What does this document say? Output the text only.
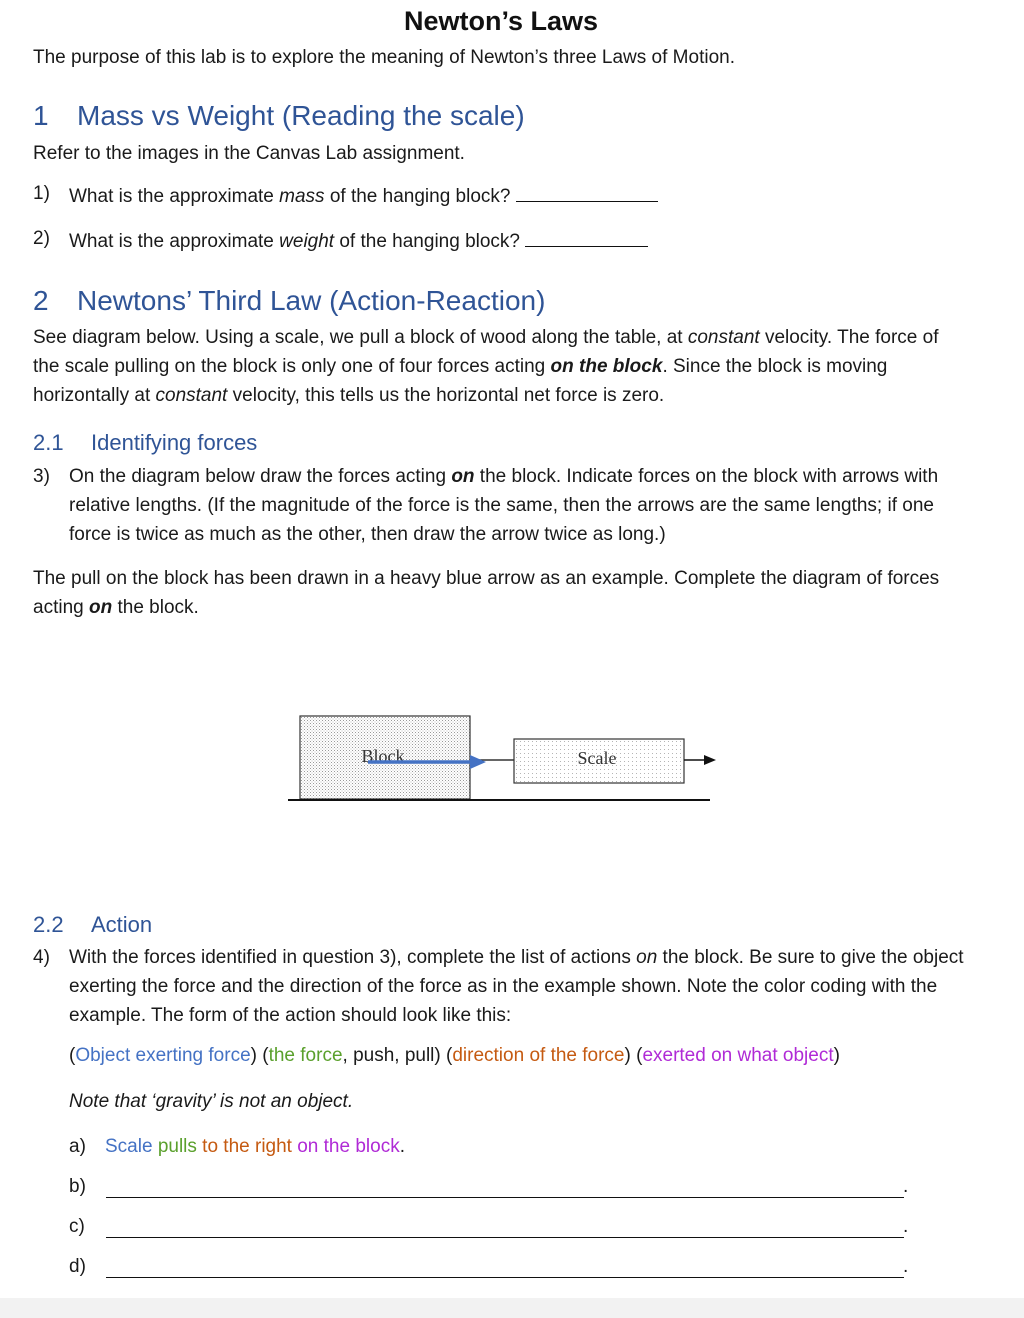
Newton’s Laws
The purpose of this lab is to explore the meaning of Newton’s three Laws of Motion.
1 Mass vs Weight (Reading the scale)
Refer to the images in the Canvas Lab assignment.
1) What is the approximate mass of the hanging block?
2) What is the approximate weight of the hanging block?
2 Newtons’ Third Law (Action-Reaction)
See diagram below. Using a scale, we pull a block of wood along the table, at constant velocity. The force of the scale pulling on the block is only one of four forces acting on the block. Since the block is moving horizontally at constant velocity, this tells us the horizontal net force is zero.
2.1 Identifying forces
3) On the diagram below draw the forces acting on the block. Indicate forces on the block with arrows with relative lengths. (If the magnitude of the force is the same, then the arrows are the same lengths; if one force is twice as much as the other, then draw the arrow twice as long.)
The pull on the block has been drawn in a heavy blue arrow as an example. Complete the diagram of forces acting on the block.
Block	Scale
2.2 Action
4) With the forces identified in question 3), complete the list of actions on the block. Be sure to give the object exerting the force and the direction of the force as in the example shown. Note the color coding with the example. The form of the action should look like this:
(Object exerting force) (the force, push, pull) (direction of the force) (exerted on what object)
Note that ‘gravity’ is not an object.
a) Scale pulls to the right on the block.
b)	.
c)	.
d)	.
